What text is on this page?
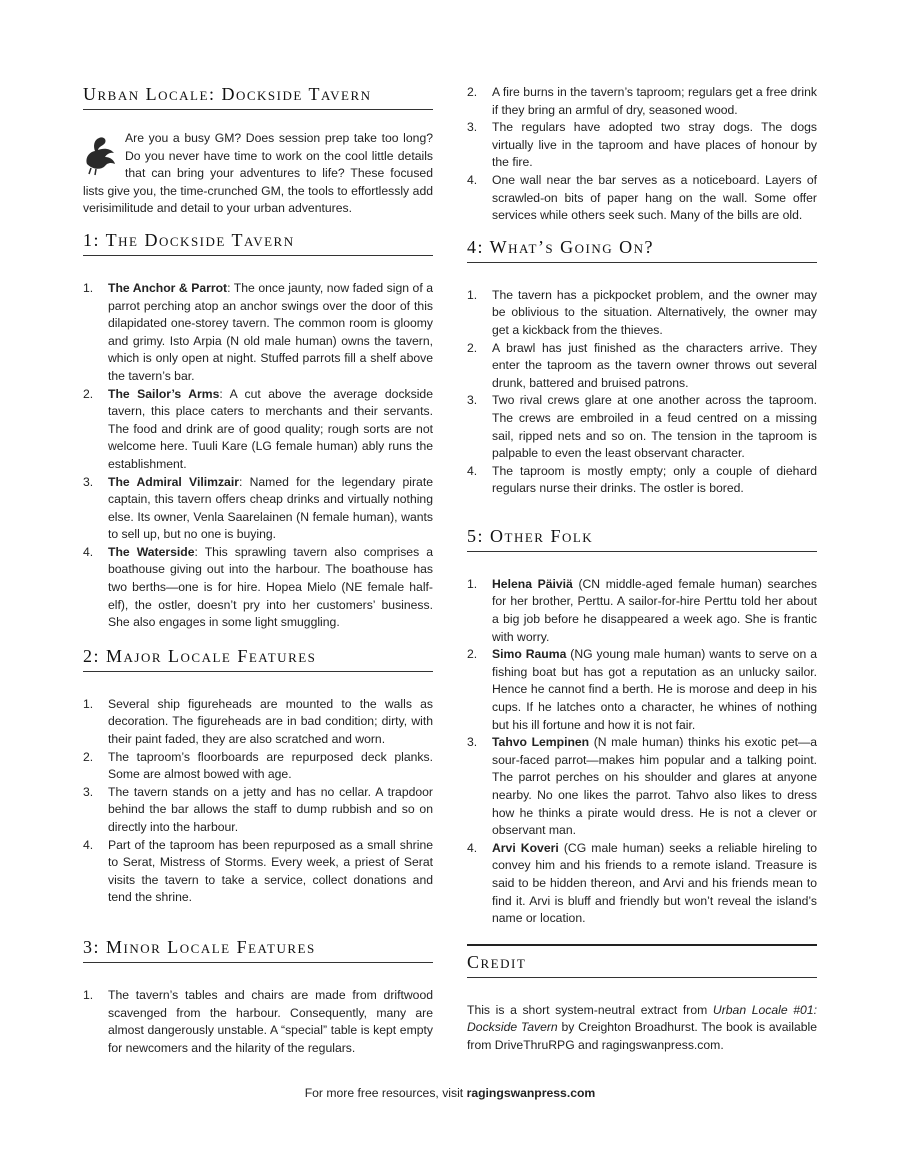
Urban Locale: Dockside Tavern

Are you a busy GM? Does session prep take too long? Do you never have time to work on the cool little details that can bring your adventures to life? These focused lists give you, the time-crunched GM, the tools to effortlessly add verisimilitude and detail to your urban adventures.

1: The Dockside Tavern
1. The Anchor & Parrot: The once jaunty, now faded sign of a parrot perching atop an anchor swings over the door of this dilapidated one-storey tavern. The common room is gloomy and grimy. Isto Arpia (N old male human) owns the tavern, which is only open at night. Stuffed parrots fill a shelf above the tavern’s bar.
2. The Sailor’s Arms: A cut above the average dockside tavern, this place caters to merchants and their servants. The food and drink are of good quality; rough sorts are not welcome here. Tuuli Kare (LG female human) ably runs the establishment.
3. The Admiral Vilimzair: Named for the legendary pirate captain, this tavern offers cheap drinks and virtually nothing else. Its owner, Venla Saarelainen (N female human), wants to sell up, but no one is buying.
4. The Waterside: This sprawling tavern also comprises a boathouse giving out into the harbour. The boathouse has two berths—one is for hire. Hopea Mielo (NE female half-elf), the ostler, doesn’t pry into her customers’ business. She also engages in some light smuggling.
2: Major Locale Features
1. Several ship figureheads are mounted to the walls as decoration. The figureheads are in bad condition; dirty, with their paint faded, they are also scratched and worn.
2. The taproom’s floorboards are repurposed deck planks. Some are almost bowed with age.
3. The tavern stands on a jetty and has no cellar. A trapdoor behind the bar allows the staff to dump rubbish and so on directly into the harbour.
4. Part of the taproom has been repurposed as a small shrine to Serat, Mistress of Storms. Every week, a priest of Serat visits the tavern to take a service, collect donations and tend the shrine.
3: Minor Locale Features
1. The tavern’s tables and chairs are made from driftwood scavenged from the harbour. Consequently, many are almost dangerously unstable. A “special” table is kept empty for newcomers and the hilarity of the regulars.
2. A fire burns in the tavern’s taproom; regulars get a free drink if they bring an armful of dry, seasoned wood.
3. The regulars have adopted two stray dogs. The dogs virtually live in the taproom and have places of honour by the fire.
4. One wall near the bar serves as a noticeboard. Layers of scrawled-on bits of paper hang on the wall. Some offer services while others seek such. Many of the bills are old.
4: What’s Going On?
1. The tavern has a pickpocket problem, and the owner may be oblivious to the situation. Alternatively, the owner may get a kickback from the thieves.
2. A brawl has just finished as the characters arrive. They enter the taproom as the tavern owner throws out several drunk, battered and bruised patrons.
3. Two rival crews glare at one another across the taproom. The crews are embroiled in a feud centred on a missing sail, ripped nets and so on. The tension in the taproom is palpable to even the least observant character.
4. The taproom is mostly empty; only a couple of diehard regulars nurse their drinks. The ostler is bored.
5: Other Folk
1. Helena Päiviä (CN middle-aged female human) searches for her brother, Perttu. A sailor-for-hire Perttu told her about a big job before he disappeared a week ago. She is frantic with worry.
2. Simo Rauma (NG young male human) wants to serve on a fishing boat but has got a reputation as an unlucky sailor. Hence he cannot find a berth. He is morose and deep in his cups. If he latches onto a character, he whines of nothing but his ill fortune and how it is not fair.
3. Tahvo Lempinen (N male human) thinks his exotic pet—a sour-faced parrot—makes him popular and a talking point. The parrot perches on his shoulder and glares at anyone nearby. No one likes the parrot. Tahvo also likes to dress how he thinks a pirate would dress. He is not a clever or observant man.
4. Arvi Koveri (CG male human) seeks a reliable hireling to convey him and his friends to a remote island. Treasure is said to be hidden thereon, and Arvi and his friends mean to find it. Arvi is bluff and friendly but won’t reveal the island’s name or location.
Credit

This is a short system-neutral extract from Urban Locale #01: Dockside Tavern by Creighton Broadhurst. The book is available from DriveThruRPG and ragingswanpress.com.

For more free resources, visit ragingswanpress.com
